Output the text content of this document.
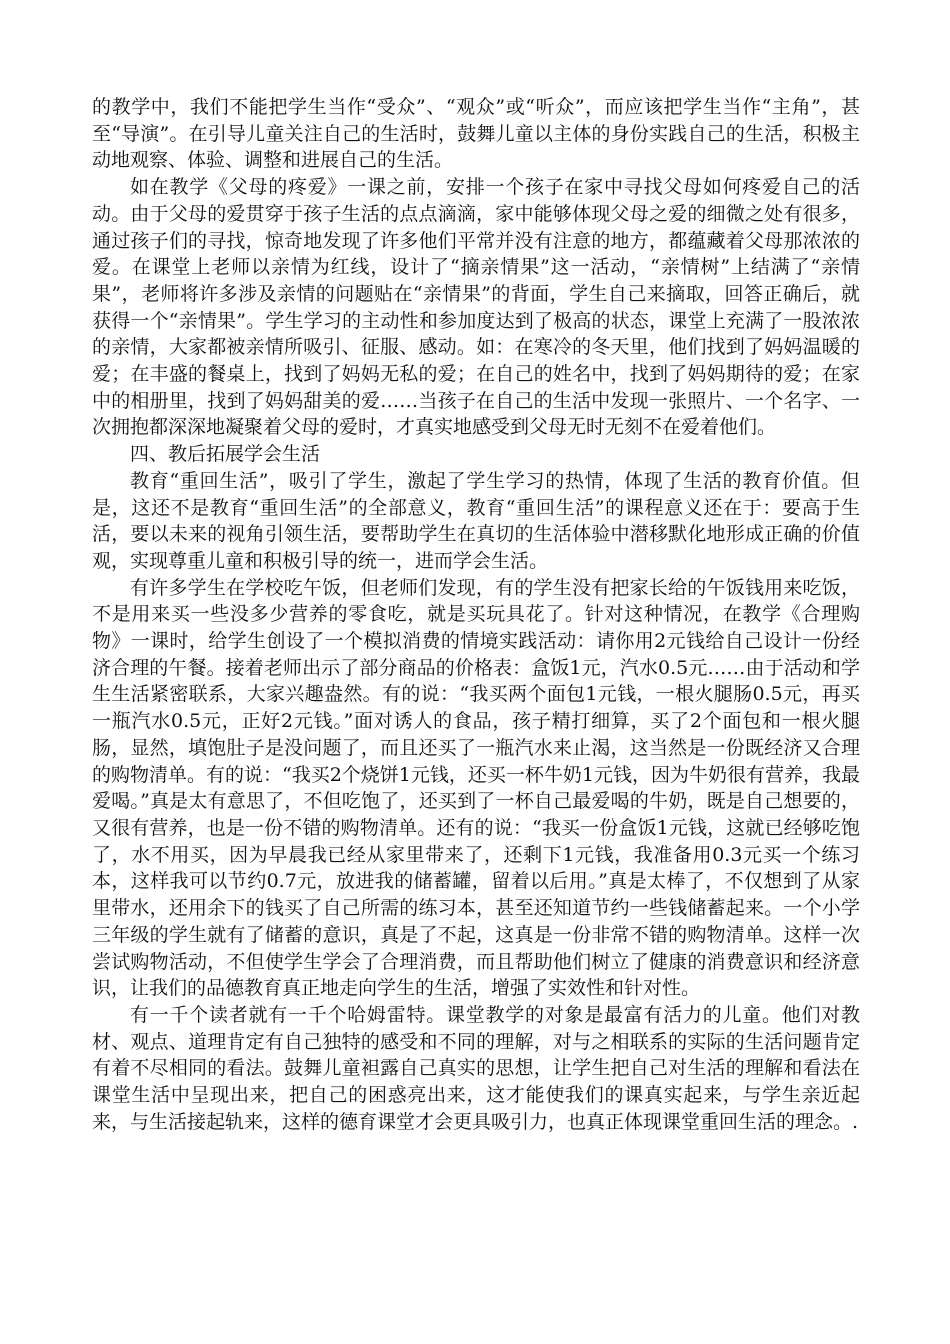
的教学中，我们不能把学生当作“受众”、“观众”或“听众”，而应该把学生当作“主角”，甚至“导演”。在引导儿童关注自己的生活时，鼓舞儿童以主体的身份实践自己的生活，积极主动地观察、体验、调整和进展自己的生活。

如在教学《父母的疼爱》一课之前，安排一个孩子在家中寻找父母如何疼爱自己的活动。由于父母的爱贯穿于孩子生活的点点滴滴，家中能够体现父母之爱的细微之处有很多，通过孩子们的寻找，惊奇地发现了许多他们平常并没有注意的地方，都蕴藏着父母那浓浓的爱。在课堂上老师以亲情为红线，设计了“摘亲情果”这一活动，“亲情树”上结满了“亲情果”，老师将许多涉及亲情的问题贴在“亲情果”的背面，学生自己来摘取，回答正确后，就获得一个“亲情果”。学生学习的主动性和参加度达到了极高的状态，课堂上充满了一股浓浓的亲情，大家都被亲情所吸引、征服、感动。如：在寒冷的冬天里，他们找到了妈妈温暖的爱；在丰盛的餐桌上，找到了妈妈无私的爱；在自己的姓名中，找到了妈妈期待的爱；在家中的相册里，找到了妈妈甜美的爱……当孩子在自己的生活中发现一张照片、一个名字、一次拥抱都深深地凝聚着父母的爱时，才真实地感受到父母无时无刻不在爱着他们。

四、教后拓展学会生活

教育“重回生活”，吸引了学生，激起了学生学习的热情，体现了生活的教育价值。但是，这还不是教育“重回生活”的全部意义，教育“重回生活”的课程意义还在于：要高于生活，要以未来的视角引领生活，要帮助学生在真切的生活体验中潜移默化地形成正确的价值观，实现尊重儿童和积极引导的统一，进而学会生活。

有许多学生在学校吃午饭，但老师们发现，有的学生没有把家长给的午饭钱用来吃饭，不是用来买一些没多少营养的零食吃，就是买玩具花了。针对这种情况，在教学《合理购物》一课时，给学生创设了一个模拟消费的情境实践活动：请你用2元钱给自己设计一份经济合理的午餐。接着老师出示了部分商品的价格表：盒饭1元，汽水0.5元……由于活动和学生生活紧密联系，大家兴趣盎然。有的说：“我买两个面包1元钱，一根火腿肠0.5元，再买一瓶汽水0.5元，正好2元钱。”面对诱人的食品，孩子精打细算，买了2个面包和一根火腿肠，显然，填饱肚子是没问题了，而且还买了一瓶汽水来止渴，这当然是一份既经济又合理的购物清单。有的说：“我买2个烧饼1元钱，还买一杯牛奶1元钱，因为牛奶很有营养，我最爱喝。”真是太有意思了，不但吃饱了，还买到了一杯自己最爱喝的牛奶，既是自己想要的，又很有营养，也是一份不错的购物清单。还有的说：“我买一份盒饭1元钱，这就已经够吃饱了，水不用买，因为早晨我已经从家里带来了，还剩下1元钱，我准备用0.3元买一个练习本，这样我可以节约0.7元，放进我的储蓄罐，留着以后用。”真是太棒了，不仅想到了从家里带水，还用余下的钱买了自己所需的练习本，甚至还知道节约一些钱储蓄起来。一个小学三年级的学生就有了储蓄的意识，真是了不起，这真是一份非常不错的购物清单。这样一次尝试购物活动，不但使学生学会了合理消费，而且帮助他们树立了健康的消费意识和经济意识，让我们的品德教育真正地走向学生的生活，增强了实效性和针对性。

有一千个读者就有一千个哈姆雷特。课堂教学的对象是最富有活力的儿童。他们对教材、观点、道理肯定有自己独特的感受和不同的理解，对与之相联系的实际的生活问题肯定有着不尽相同的看法。鼓舞儿童袒露自己真实的思想，让学生把自己对生活的理解和看法在课堂生活中呈现出来，把自己的困惑亮出来，这才能使我们的课真实起来，与学生亲近起来，与生活接起轨来，这样的德育课堂才会更具吸引力，也真正体现课堂重回生活的理念。.
